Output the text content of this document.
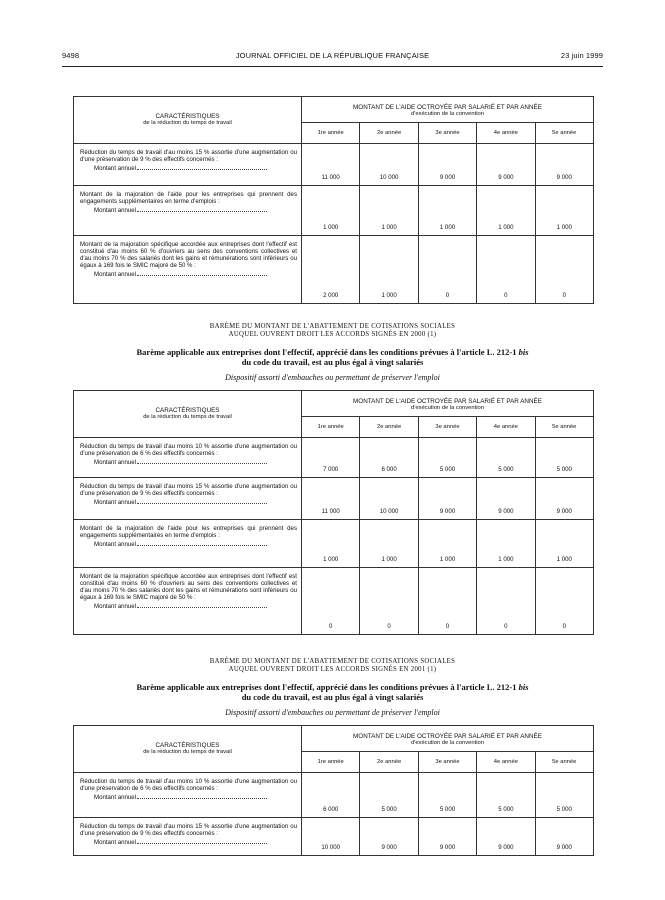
9498	JOURNAL OFFICIEL DE LA RÉPUBLIQUE FRANÇAISE	23 juin 1999
CARACTÉRISTIQUES
de la réduction du temps de travail	MONTANT DE L'AIDE OCTROYÉE PAR SALARIÉ ET PAR ANNÉE
d'exécution de la convention				

	1re année	2e année	3e année	4e année	5e année
Réduction du temps de travail d'au moins 15 % assortie d'une augmentation ou d'une préservation de 9 % des effectifs concernés :
Montant annuel	11 000	10 000	9 000	9 000	9 000
Montant de la majoration de l'aide pour les entreprises qui prennent des engagements supplémentaires en terme d'emplois :
Montant annuel	1 000	1 000	1 000	1 000	1 000
Montant de la majoration spécifique accordée aux entreprises dont l'effectif est constitué d'au moins 60 % d'ouvriers au sens des conventions collectives et d'au moins 70 % des salariés dont les gains et rémunérations sont inférieurs ou égaux à 169 fois le SMIC majoré de 50 % :
Montant annuel	2 000	1 000	0	0	0
BARÈME DU MONTANT DE L'ABATTEMENT DE COTISATIONS SOCIALES
AUQUEL OUVRENT DROIT LES ACCORDS SIGNÉS EN 2000 (1)
Barème applicable aux entreprises dont l'effectif, apprécié dans les conditions prévues à l'article L. 212-1 bis
du code du travail, est au plus égal à vingt salariés
Dispositif assorti d'embauches ou permettant de préserver l'emploi
CARACTÉRISTIQUES
de la réduction du temps de travail	MONTANT DE L'AIDE OCTROYÉE PAR SALARIÉ ET PAR ANNÉE
d'exécution de la convention				

	1re année	2e année	3e année	4e année	5e année
Réduction du temps de travail d'au moins 10 % assortie d'une augmentation ou d'une préservation de 6 % des effectifs concernés :
Montant annuel	7 000	6 000	5 000	5 000	5 000
Réduction du temps de travail d'au moins 15 % assortie d'une augmentation ou d'une préservation de 9 % des effectifs concernés :
Montant annuel	11 000	10 000	9 000	9 000	9 000
Montant de la majoration de l'aide pour les entreprises qui prennent des engagements supplémentaires en terme d'emplois :
Montant annuel	1 000	1 000	1 000	1 000	1 000
Montant de la majoration spécifique accordée aux entreprises dont l'effectif est constitué d'au moins 60 % d'ouvriers au sens des conventions collectives et d'au moins 70 % des salariés dont les gains et rémunérations sont inférieurs ou égaux à 169 fois le SMIC majoré de 50 % :
Montant annuel	0	0	0	0	0
BARÈME DU MONTANT DE L'ABATTEMENT DE COTISATIONS SOCIALES
AUQUEL OUVRENT DROIT LES ACCORDS SIGNÉS EN 2001 (1)
Barème applicable aux entreprises dont l'effectif, apprécié dans les conditions prévues à l'article L. 212-1 bis
du code du travail, est au plus égal à vingt salariés
Dispositif assorti d'embauches ou permettant de préserver l'emploi
CARACTÉRISTIQUES
de la réduction du temps de travail	MONTANT DE L'AIDE OCTROYÉE PAR SALARIÉ ET PAR ANNÉE
d'exécution de la convention				

	1re année	2e année	3e année	4e année	5e année
Réduction du temps de travail d'au moins 10 % assortie d'une augmentation ou d'une préservation de 6 % des effectifs concernés :
Montant annuel	6 000	5 000	5 000	5 000	5 000
Réduction du temps de travail d'au moins 15 % assortie d'une augmentation ou d'une préservation de 9 % des effectifs concernés :
Montant annuel	10 000	9 000	9 000	9 000	9 000
